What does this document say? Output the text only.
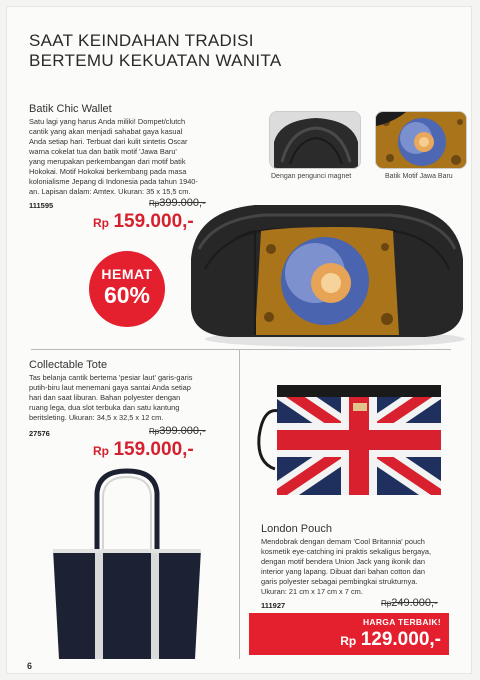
SAAT KEINDAHAN TRADISI
BERTEMU KEKUATAN WANITA
Batik Chic Wallet
Satu lagi yang harus Anda miliki! Dompet/clutch
cantik yang akan menjadi sahabat gaya kasual
Anda setiap hari. Terbuat dari kulit sintetis Oscar
warna cokelat tua dan batik motif 'Jawa Baru'
yang merupakan perkembangan dari motif batik
Hokokai. Motif Hokokai berkembang pada masa
kolonialisme Jepang di Indonesia pada tahun 1940-
an. Lapisan dalam: Amtex. Ukuran: 35 x 15,5 cm.
111595	Rp399.000,-
Rp 159.000,-
Dengan pengunci magnet	Batik Motif Jawa Baru
HEMAT
60%
Collectable Tote
Tas belanja cantik bertema 'pesiar laut' garis-garis
putih-biru laut menemani gaya santai Anda setiap
hari dan saat liburan. Bahan polyester dengan
ruang lega, dua slot terbuka dan satu kantung
beritsleting. Ukuran: 34,5 x 32,5 x 12 cm.
27576	Rp399.000,-
Rp 159.000,-
London Pouch
Mendobrak dengan demam 'Cool Britannia' pouch
kosmetik eye-catching ini praktis sekaligus bergaya,
dengan motif bendera Union Jack yang ikonik dan
interior yang lapang. Dibuat dari bahan cotton dan
garis polyester sebagai pembingkai strukturnya.
Ukuran: 21 cm x 17 cm x 7 cm.
111927	Rp249.000,-
HARGA TERBAIK!
Rp 129.000,-
6
